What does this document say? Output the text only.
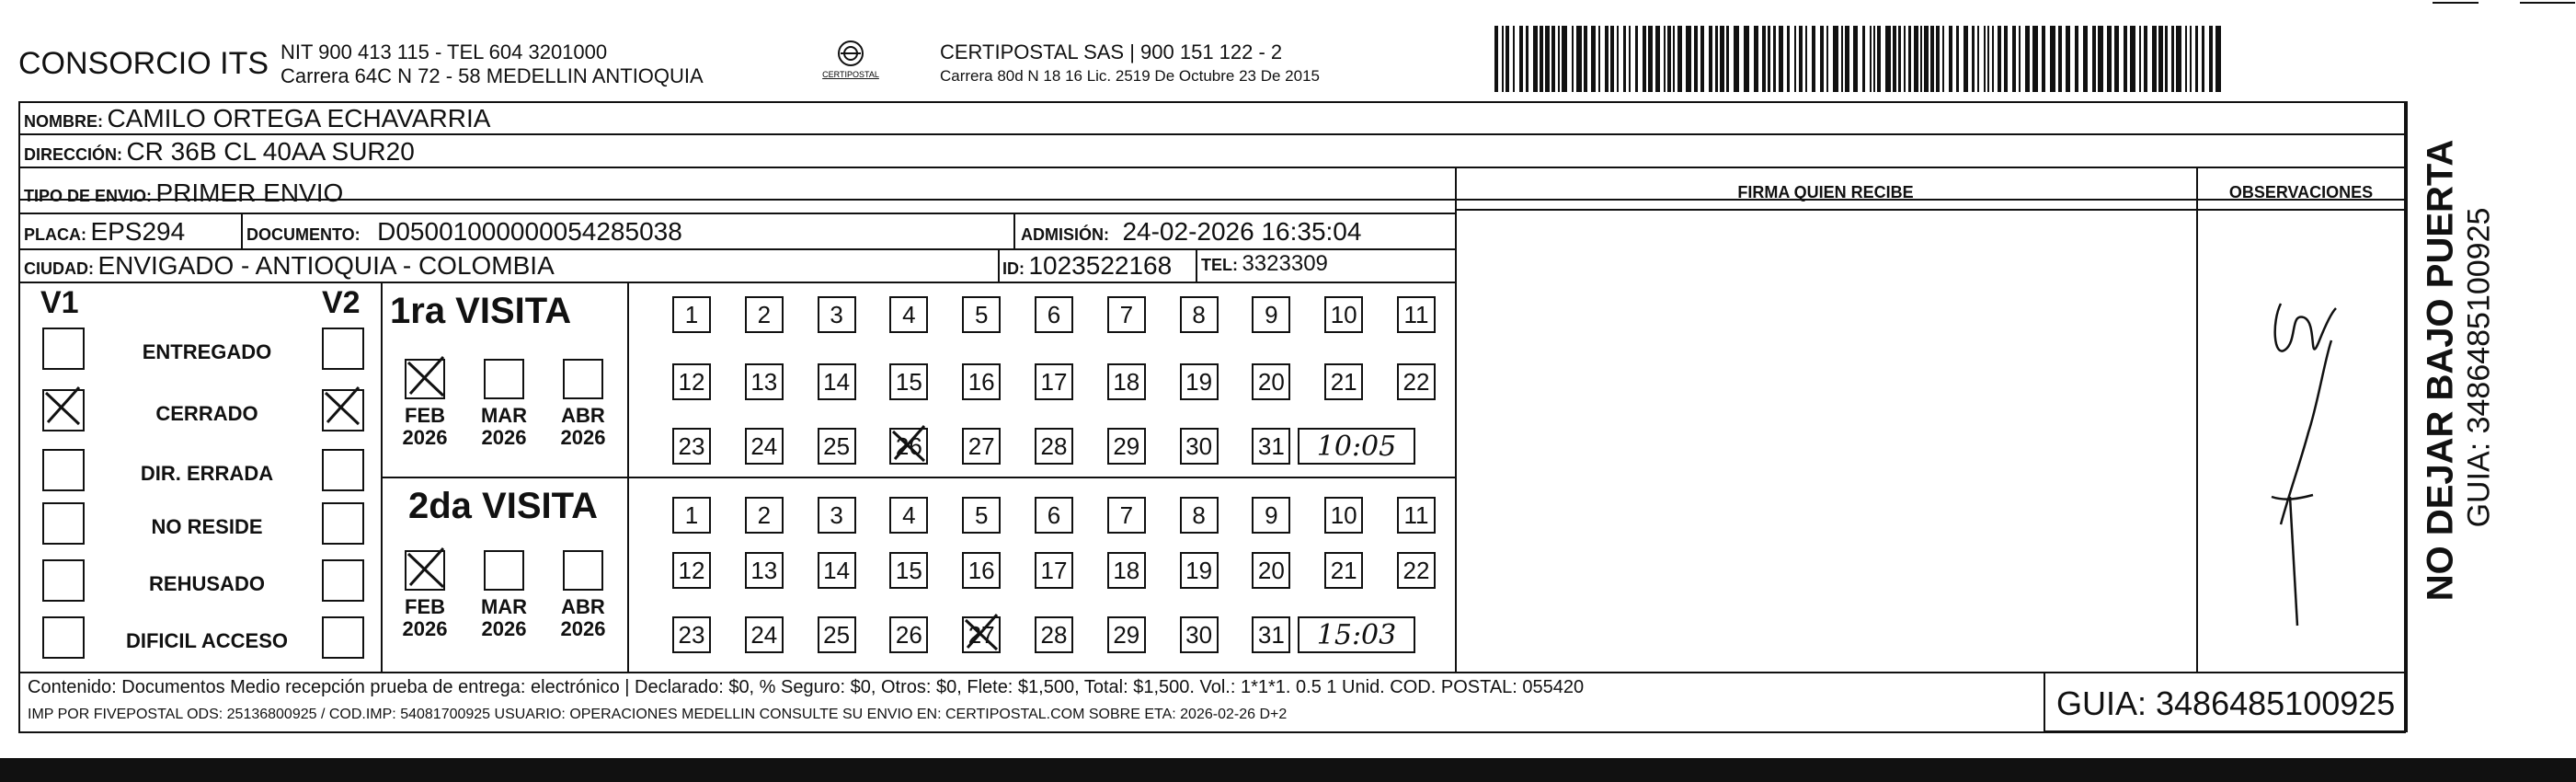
CONSORCIO ITS NIT 900 413 115 - TEL 604 3201000
Carrera 64C N 72 - 58 MEDELLIN ANTIOQUIA	CERTIPOSTAL
CERTIPOSTAL SAS | 900 151 122 - 2
Carrera 80d N 18 16 Lic. 2519 De Octubre 23 De 2015
NOMBRE: CAMILO ORTEGA ECHAVARRIA
DIRECCIÓN: CR 36B CL 40AA SUR20
TIPO DE ENVIO: PRIMER ENVIO	FIRMA QUIEN RECIBE	OBSERVACIONES
PLACA: EPS294	DOCUMENTO: D05001000000054285038	ADMISIÓN: 24-02-2026 16:35:04
CIUDAD: ENVIGADO - ANTIOQUIA - COLOMBIA	ID: 1023522168 TEL: 3323309
V1	V2
ENTREGADO
CERRADO
DIR. ERRADA
NO RESIDE
REHUSADO
DIFICIL ACCESO
1ra VISITA
2da VISITA
FEB
2026
MAR
2026
ABR
2026
FEB
2026
MAR
2026
ABR
2026
1	2	3	4	5	6	7	8	9	10 11
12 13 14 15 16 17 18 19 20 21 22
23 24 25 26 27 28 29 30 31
1	2	3	4	5	6	7	8	9	10 11
12 13 14 15 16 17 18 19 20 21 22
23 24 25 26 27 28 29 30 31
10:05
15:03
NO DEJAR BAJO PUERTA GUIA: 3486485100925
Contenido: Documentos Medio recepción prueba de entrega: electrónico | Declarado: $0, % Seguro: $0, Otros: $0, Flete: $1,500, Total: $1,500. Vol.: 1*1*1. 0.5 1 Unid. COD. POSTAL: 055420
IMP POR FIVEPOSTAL ODS: 25136800925 / COD.IMP: 54081700925 USUARIO: OPERACIONES MEDELLIN CONSULTE SU ENVIO EN: CERTIPOSTAL.COM SOBRE ETA: 2026-02-26 D+2	GUIA: 3486485100925
